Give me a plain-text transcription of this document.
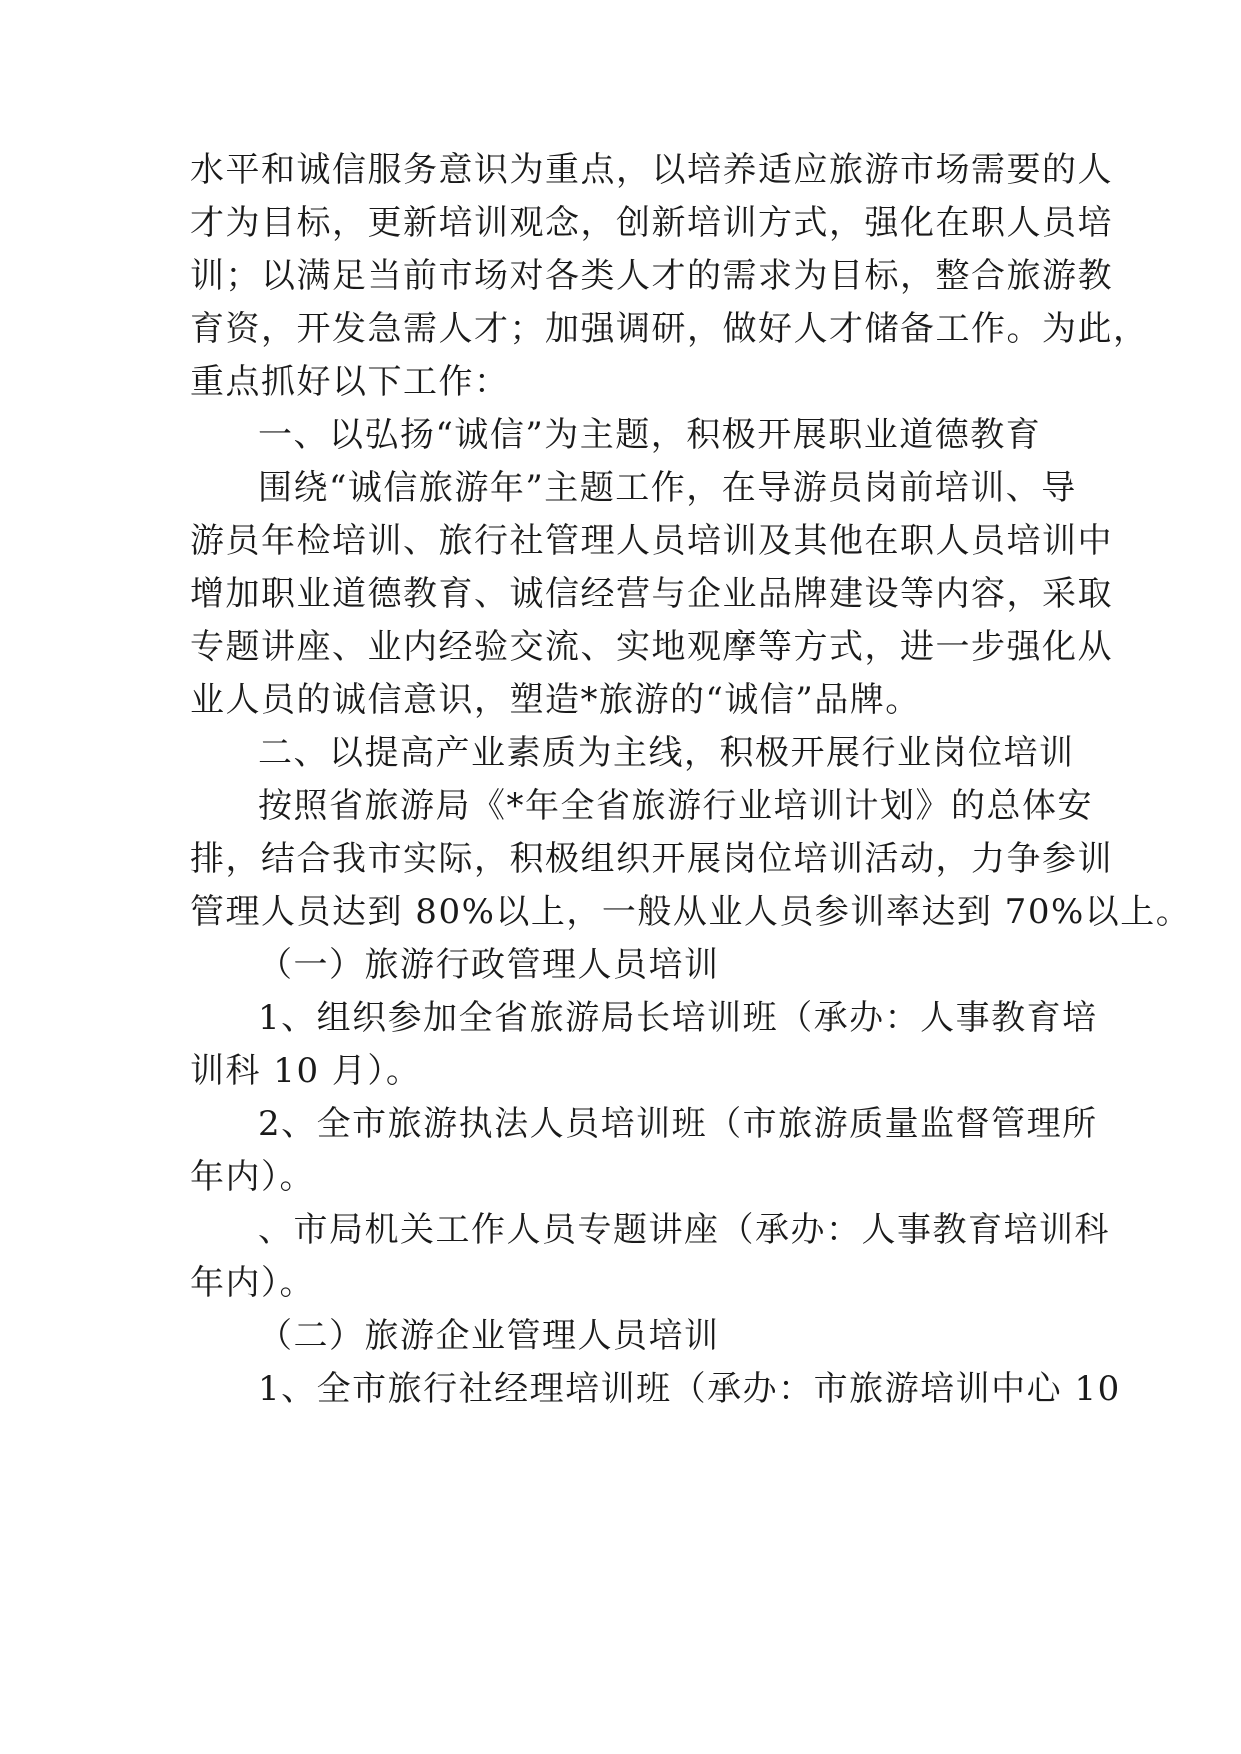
水平和诚信服务意识为重点，以培养适应旅游市场需要的人
才为目标，更新培训观念，创新培训方式，强化在职人员培
训；以满足当前市场对各类人才的需求为目标，整合旅游教
育资，开发急需人才；加强调研，做好人才储备工作。为此，
重点抓好以下工作：
一、以弘扬“诚信”为主题，积极开展职业道德教育
围绕“诚信旅游年”主题工作，在导游员岗前培训、导
游员年检培训、旅行社管理人员培训及其他在职人员培训中
增加职业道德教育、诚信经营与企业品牌建设等内容，采取
专题讲座、业内经验交流、实地观摩等方式，进一步强化从
业人员的诚信意识，塑造*旅游的“诚信”品牌。
二、以提高产业素质为主线，积极开展行业岗位培训
按照省旅游局《*年全省旅游行业培训计划》的总体安
排，结合我市实际，积极组织开展岗位培训活动，力争参训
管理人员达到 80%以上，一般从业人员参训率达到 70%以上。
（一）旅游行政管理人员培训
1、组织参加全省旅游局长培训班（承办：人事教育培
训科 10 月）。
2、全市旅游执法人员培训班（市旅游质量监督管理所
年内）。
、市局机关工作人员专题讲座（承办：人事教育培训科
年内）。
（二）旅游企业管理人员培训
1、全市旅行社经理培训班（承办：市旅游培训中心 10
